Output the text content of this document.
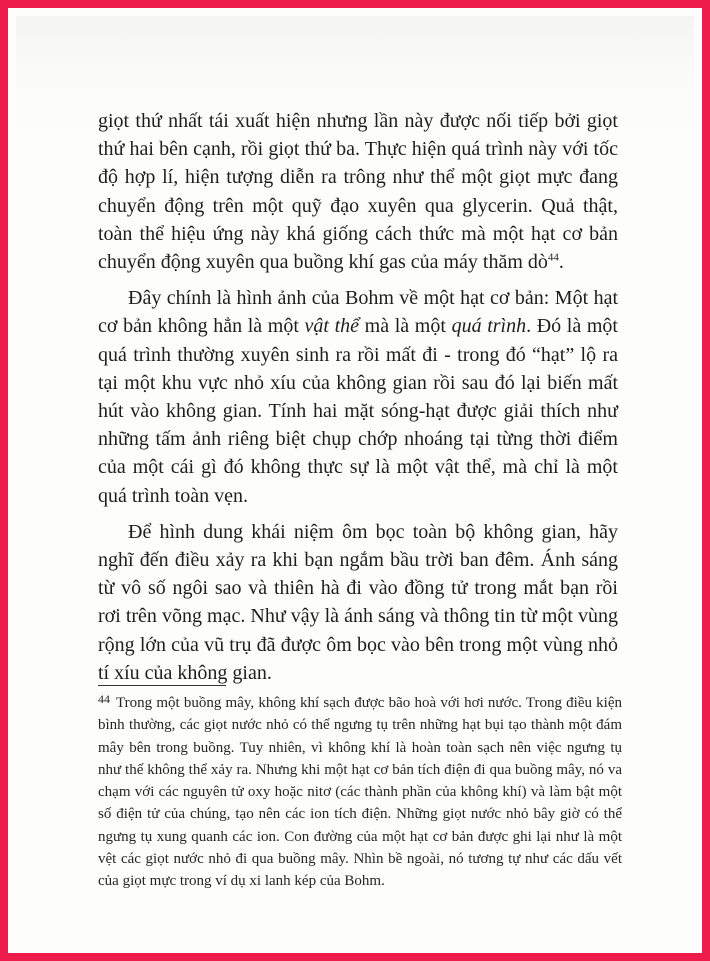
giọt thứ nhất tái xuất hiện nhưng lần này được nối tiếp bởi giọt thứ hai bên cạnh, rồi giọt thứ ba. Thực hiện quá trình này với tốc độ hợp lí, hiện tượng diễn ra trông như thể một giọt mực đang chuyển động trên một quỹ đạo xuyên qua glycerin. Quả thật, toàn thể hiệu ứng này khá giống cách thức mà một hạt cơ bản chuyển động xuyên qua buồng khí gas của máy thăm $dò^{44}$.

Đây chính là hình ảnh của Bohm về một hạt cơ bản: Một hạt cơ bản không hẳn là một vật thể mà là một quá trình. Đó là một quá trình thường xuyên sinh ra rồi mất đi - trong đó “hạt” lộ ra tại một khu vực nhỏ xíu của không gian rồi sau đó lại biến mất hút vào không gian. Tính hai mặt sóng-hạt được giải thích như những tấm ảnh riêng biệt chụp chớp nhoáng tại từng thời điểm của một cái gì đó không thực sự là một vật thể, mà chỉ là một quá trình toàn vẹn.

Để hình dung khái niệm ôm bọc toàn bộ không gian, hãy nghĩ đến điều xảy ra khi bạn ngắm bầu trời ban đêm. Ánh sáng từ vô số ngôi sao và thiên hà đi vào đồng tử trong mắt bạn rồi rơi trên võng mạc. Như vậy là ánh sáng và thông tin từ một vùng rộng lớn của vũ trụ đã được ôm bọc vào bên trong một vùng nhỏ tí xíu của không gian.

$^{44}$ Trong một buồng mây, không khí sạch được bão hoà với hơi nước. Trong điều kiện bình thường, các giọt nước nhỏ có thể ngưng tụ trên những hạt bụi tạo thành một đám mây bên trong buồng. Tuy nhiên, vì không khí là hoàn toàn sạch nên việc ngưng tụ như thế không thể xảy ra. Nhưng khi một hạt cơ bản tích điện đi qua buồng mây, nó va chạm với các nguyên tử oxy hoặc nitơ (các thành phần của không khí) và làm bật một số điện tử của chúng, tạo nên các ion tích điện. Những giọt nước nhỏ bây giờ có thể ngưng tụ xung quanh các ion. Con đường của một hạt cơ bản được ghi lại như là một vệt các giọt nước nhỏ đi qua buồng mây. Nhìn bề ngoài, nó tương tự như các dấu vết của giọt mực trong ví dụ xi lanh kép của Bohm.
